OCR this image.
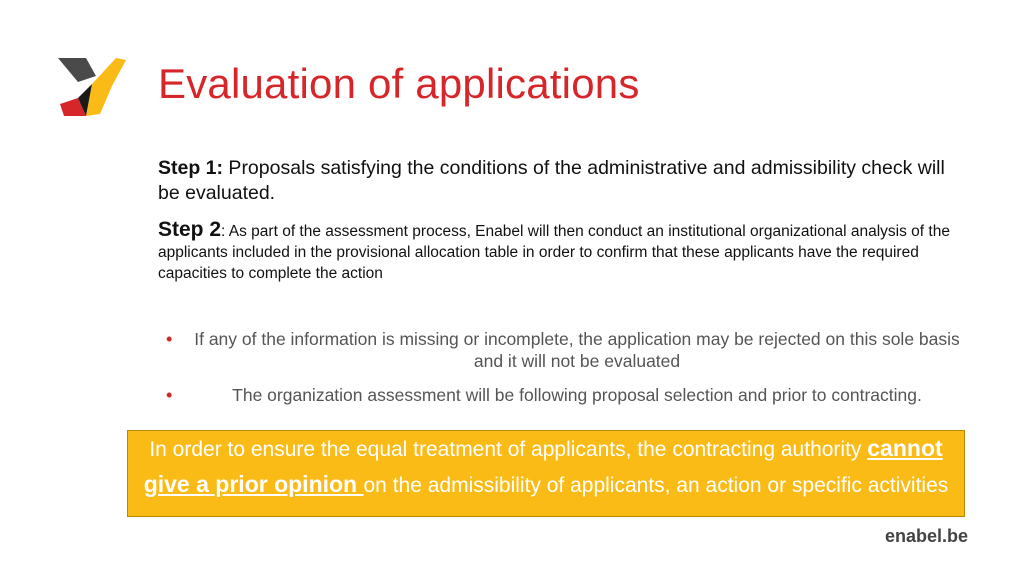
Evaluation of applications
Step 1: Proposals satisfying the conditions of the administrative and admissibility check will be evaluated.
Step 2: As part of the assessment process, Enabel will then conduct an institutional organizational analysis of the applicants included in the provisional allocation table in order to confirm that these applicants have the required capacities to complete the action
• If any of the information is missing or incomplete, the application may be rejected on this sole basis and it will not be evaluated
•	The organization assessment will be following proposal selection and prior to contracting.
In order to ensure the equal treatment of applicants, the contracting authority cannot give a prior opinion on the admissibility of applicants, an action or specific activities
enabel.be
